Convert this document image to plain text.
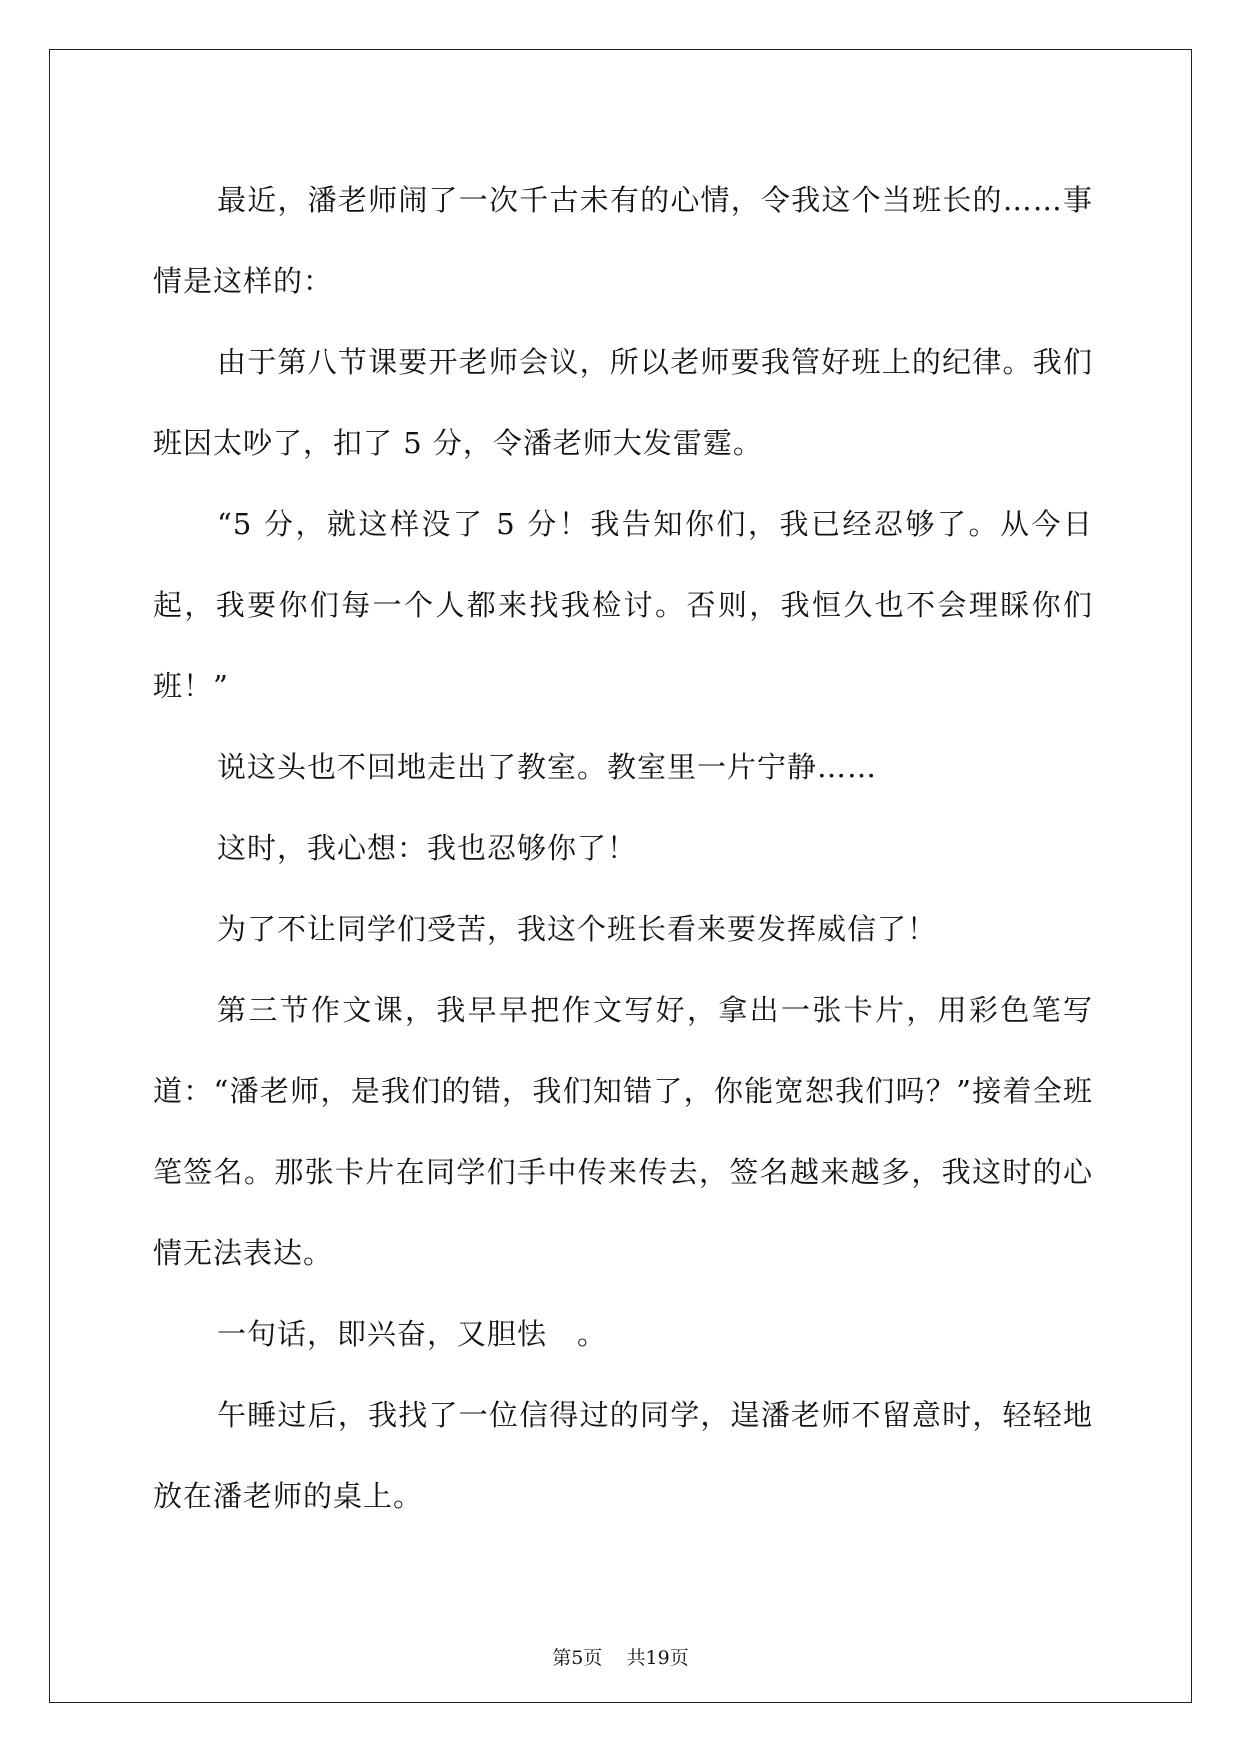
最近，潘老师闹了一次千古未有的心情，令我这个当班长的……事情是这样的：

由于第八节课要开老师会议，所以老师要我管好班上的纪律。我们班因太吵了，扣了 5 分，令潘老师大发雷霆。

“5 分，就这样没了 5 分！我告知你们，我已经忍够了。从今日起，我要你们每一个人都来找我检讨。否则，我恒久也不会理睬你们班！”

说这头也不回地走出了教室。教室里一片宁静……

这时，我心想：我也忍够你了！

为了不让同学们受苦，我这个班长看来要发挥威信了！

第三节作文课，我早早把作文写好，拿出一张卡片，用彩色笔写道：“潘老师，是我们的错，我们知错了，你能宽恕我们吗？”接着全班笔签名。那张卡片在同学们手中传来传去，签名越来越多，我这时的心情无法表达。

一句话，即兴奋，又胆怯　。

午睡过后，我找了一位信得过的同学，逞潘老师不留意时，轻轻地放在潘老师的桌上。

第5页 共19页
